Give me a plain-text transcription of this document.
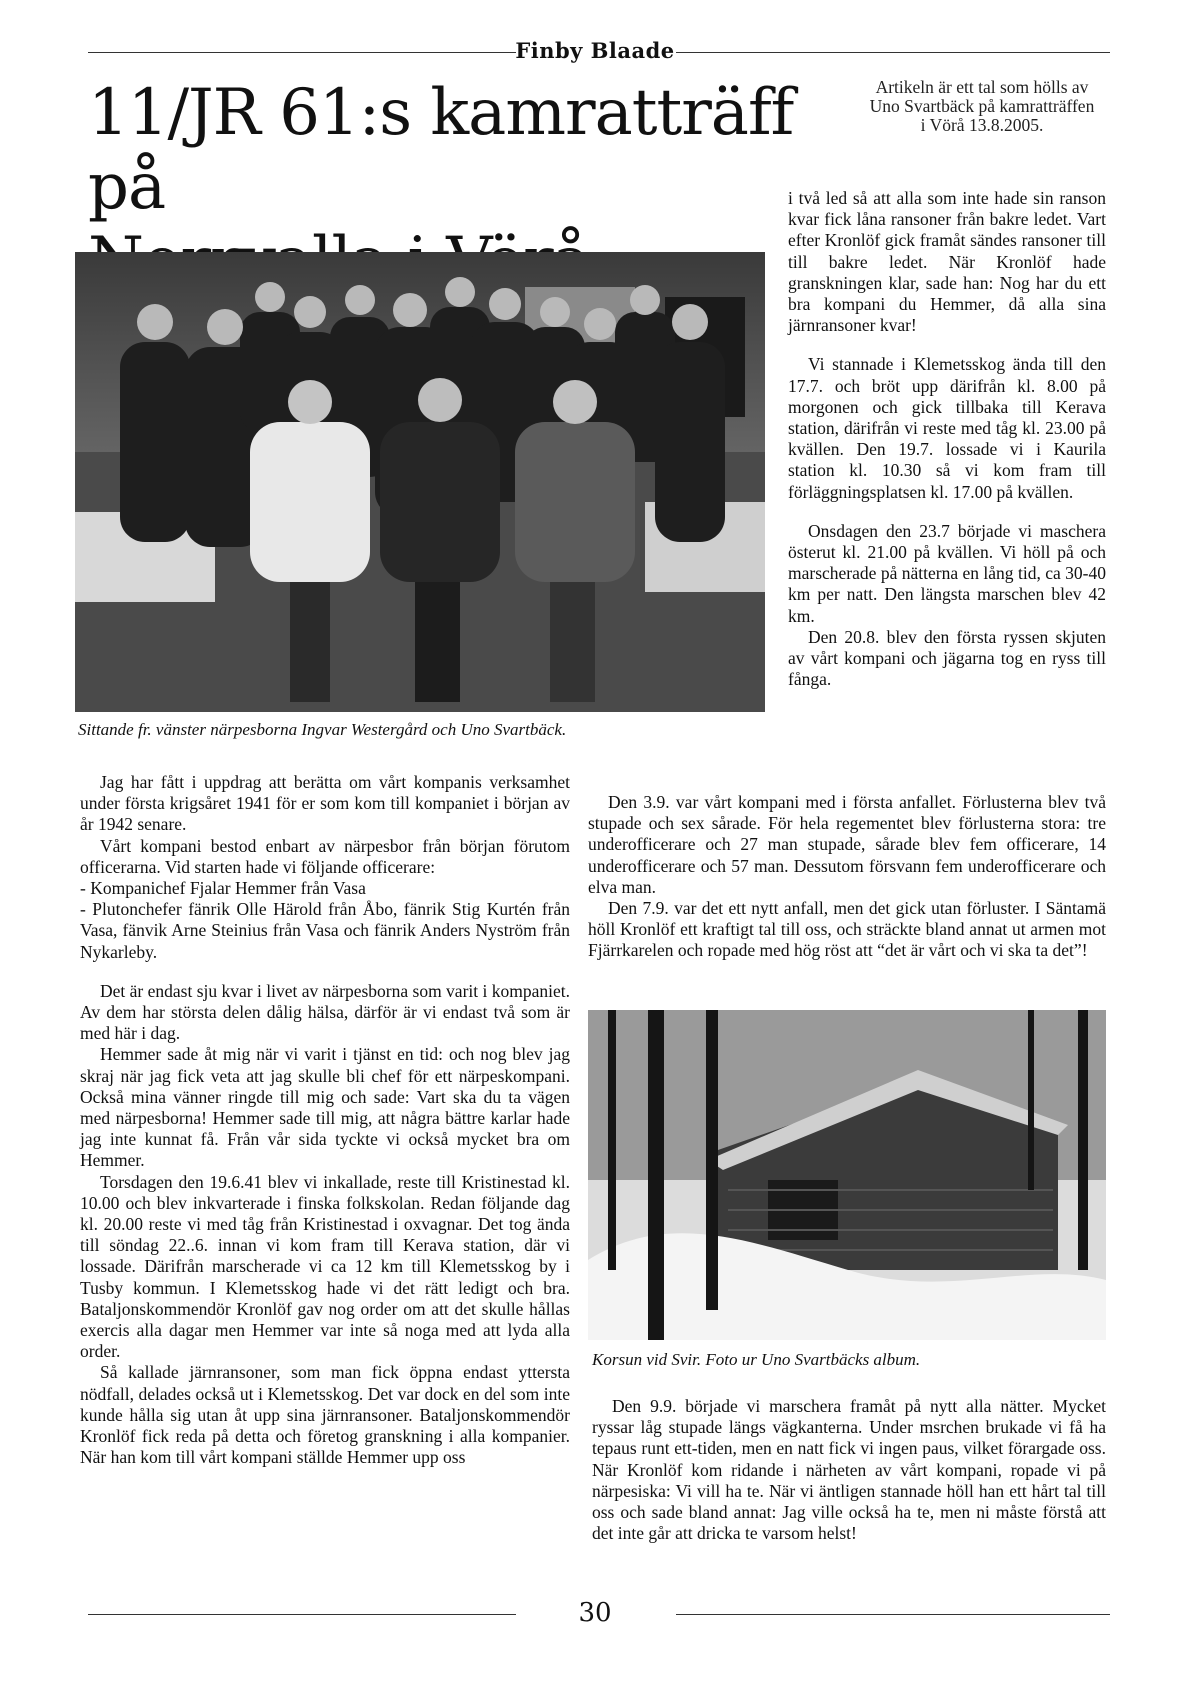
Finby Blaade
11/JR 61:s kamratträff på

Artikeln är ett tal som hölls av Uno Svartbäck på kamratträffen i Vörå 13.8.2005.

Sittande fr. vänster närpesborna Ingvar Westergård och Uno Svartbäck.

Jag har fått i uppdrag att berätta om vårt kompanis verksamhet under första krigsåret 1941 för er som kom till kompaniet i början av år 1942 senare.

Vårt kompani bestod enbart av närpesbor från början förutom officerarna. Vid starten hade vi följande officerare:

- Kompanichef Fjalar Hemmer från Vasa

- Plutonchefer fänrik Olle Härold från Åbo, fänrik Stig Kurtén från Vasa, fänvik Arne Steinius från Vasa och fänrik Anders Nyström från Nykarleby.

Det är endast sju kvar i livet av närpesborna som varit i kompaniet. Av dem har största delen dålig hälsa, därför är vi endast två som är med här i dag.

Hemmer sade åt mig när vi varit i tjänst en tid: och nog blev jag skraj när jag fick veta att jag skulle bli chef för ett närpeskompani. Också mina vänner ringde till mig och sade: Vart ska du ta vägen med närpesborna! Hemmer sade till mig, att några bättre karlar hade jag inte kunnat få. Från vår sida tyckte vi också mycket bra om Hemmer.

Torsdagen den 19.6.41 blev vi inkallade, reste till Kristinestad kl. 10.00 och blev inkvarterade i finska folkskolan. Redan följande dag kl. 20.00 reste vi med tåg från Kristinestad i oxvagnar. Det tog ända till söndag 22..6. innan vi kom fram till Kerava station, där vi lossade. Därifrån marscherade vi ca 12 km till Klemetsskog by i Tusby kommun. I Klemetsskog hade vi det rätt ledigt och bra. Bataljonskommendör Kronlöf gav nog order om att det skulle hållas exercis alla dagar men Hemmer var inte så noga med att lyda alla order.

Så kallade järnransoner, som man fick öppna endast yttersta nödfall, delades också ut i Klemetsskog. Det var dock en del som inte kunde hålla sig utan åt upp sina järnransoner. Bataljonskommendör Kronlöf fick reda på detta och företog granskning i alla kompanier. När han kom till vårt kompani ställde Hemmer upp oss

i två led så att alla som inte hade sin ranson kvar fick låna ransoner från bakre ledet. Vart efter Kronlöf gick framåt sändes ransoner till till bakre ledet. När Kronlöf hade granskningen klar, sade han: Nog har du ett bra kompani du Hemmer, då alla sina järnransoner kvar!

Vi stannade i Klemetsskog ända till den 17.7. och bröt upp därifrån kl. 8.00 på morgonen och gick tillbaka till Kerava station, därifrån vi reste med tåg kl. 23.00 på kvällen. Den 19.7. lossade vi i Kaurila station kl. 10.30 så vi kom fram till förläggningsplatsen kl. 17.00 på kvällen.

Onsdagen den 23.7 började vi maschera österut kl. 21.00 på kvällen. Vi höll på och marscherade på nätterna en lång tid, ca 30-40 km per natt. Den längsta marschen blev 42 km.

Den 20.8. blev den första ryssen skjuten av vårt kompani och jägarna tog en ryss till fånga.

Den 3.9. var vårt kompani med i första anfallet. Förlusterna blev två stupade och sex sårade. För hela regementet blev förlusterna stora: tre underofficerare och 27 man stupade, sårade blev fem officerare, 14 underofficerare och 57 man. Dessutom försvann fem underofficerare och elva man.

Den 7.9. var det ett nytt anfall, men det gick utan förluster. I Säntamä höll Kronlöf ett kraftigt tal till oss, och sträckte bland annat ut armen mot Fjärrkarelen och ropade med hög röst att “det är vårt och vi ska ta det”!

Korsun vid Svir. Foto ur Uno Svartbäcks album.

Den 9.9. började vi marschera framåt på nytt alla nätter. Mycket ryssar låg stupade längs vägkanterna. Under msrchen brukade vi få ha tepaus runt ett-tiden, men en natt fick vi ingen paus, vilket förargade oss. När Kronlöf kom ridande i närheten av vårt kompani, ropade vi på närpesiska: Vi vill ha te. När vi äntligen stannade höll han ett hårt tal till oss och sade bland annat: Jag ville också ha te, men ni måste förstå att det inte går att dricka te varsom helst!

30
